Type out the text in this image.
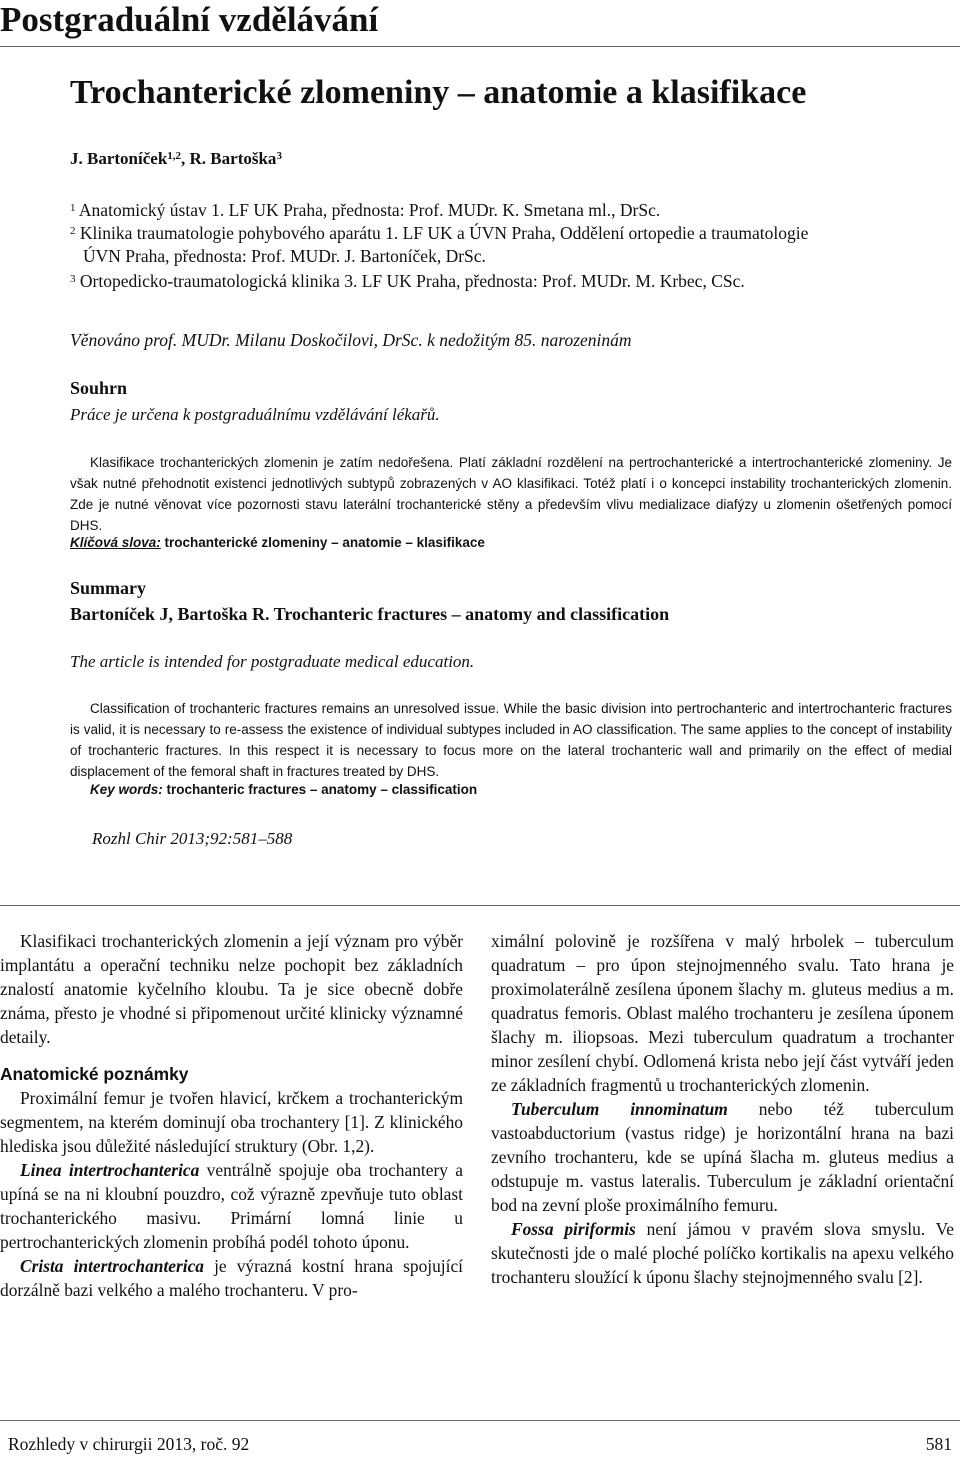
Postgraduální vzdělávání
Trochanterické zlomeniny – anatomie a klasifikace
J. Bartoníček$^{1,2}$, R. Bartoška$^3$
$^1$ Anatomický ústav 1. LF UK Praha, přednosta: Prof. MUDr. K. Smetana ml., DrSc.
$^2$ Klinika traumatologie pohybového aparátu 1. LF UK a ÚVN Praha, Oddělení ortopedie a traumatologie
ÚVN Praha, přednosta: Prof. MUDr. J. Bartoníček, DrSc.
$^3$ Ortopedicko-traumatologická klinika 3. LF UK Praha, přednosta: Prof. MUDr. M. Krbec, CSc.
Věnováno prof. MUDr. Milanu Doskočilovi, DrSc. k nedožitým 85. narozeninám
Souhrn
Práce je určena k postgraduálnímu vzdělávání lékařů.

Klasifikace trochanterických zlomenin je zatím nedořešena. Platí základní rozdělení na pertrochanterické a intertrochanterické zlomeniny. Je však nutné přehodnotit existenci jednotlivých subtypů zobrazených v AO klasifikaci. Totéž platí i o koncepci instability trochanterických zlomenin. Zde je nutné věnovat více pozornosti stavu laterální trochanterické stěny a především vlivu medializace diafýzy u zlomenin ošetřených pomocí DHS.

Klíčová slova: trochanterické zlomeniny – anatomie – klasifikace
Summary
Bartoníček J, Bartoška R. Trochanteric fractures – anatomy and classification
The article is intended for postgraduate medical education.

Classification of trochanteric fractures remains an unresolved issue. While the basic division into pertrochanteric and intertrochanteric fractures is valid, it is necessary to re-assess the existence of individual subtypes included in AO classification. The same applies to the concept of instability of trochanteric fractures. In this respect it is necessary to focus more on the lateral trochanteric wall and primarily on the effect of medial displacement of the femoral shaft in fractures treated by DHS.

Key words: trochanteric fractures – anatomy – classification
Rozhl Chir 2013;92:581–588

Klasifikaci trochanterických zlomenin a její význam pro výběr implantátu a operační techniku nelze pochopit bez základních znalostí anatomie kyčelního kloubu. Ta je sice obecně dobře známa, přesto je vhodné si připomenout určité klinicky významné detaily.

Anatomické poznámky

Proximální femur je tvořen hlavicí, krčkem a trochanterickým segmentem, na kterém dominují oba trochantery [1]. Z klinického hlediska jsou důležité následující struktury (Obr. 1,2).

Linea intertrochanterica ventrálně spojuje oba trochantery a upíná se na ni kloubní pouzdro, což výrazně zpevňuje tuto oblast trochanterického masivu. Primární lomná linie u pertrochanterických zlomenin probíhá podél tohoto úponu.

Crista intertrochanterica je výrazná kostní hrana spojující dorzálně bazi velkého a malého trochanteru. V pro-

ximální polovině je rozšířena v malý hrbolek – tuberculum quadratum – pro úpon stejnojmenného svalu. Tato hrana je proximolaterálně zesílena úponem šlachy m. gluteus medius a m. quadratus femoris. Oblast malého trochanteru je zesílena úponem šlachy m. iliopsoas. Mezi tuberculum quadratum a trochanter minor zesílení chybí. Odlomená krista nebo její část vytváří jeden ze základních fragmentů u trochanterických zlomenin.

Tuberculum innominatum nebo též tuberculum vastoabductorium (vastus ridge) je horizontální hrana na bazi zevního trochanteru, kde se upíná šlacha m. gluteus medius a odstupuje m. vastus lateralis. Tuberculum je základní orientační bod na zevní ploše proximálního femuru.

Fossa piriformis není jámou v pravém slova smyslu. Ve skutečnosti jde o malé ploché políčko kortikalis na apexu velkého trochanteru sloužící k úponu šlachy stejnojmenného svalu [2].

Rozhledy v chirurgii 2013, roč. 92	581
